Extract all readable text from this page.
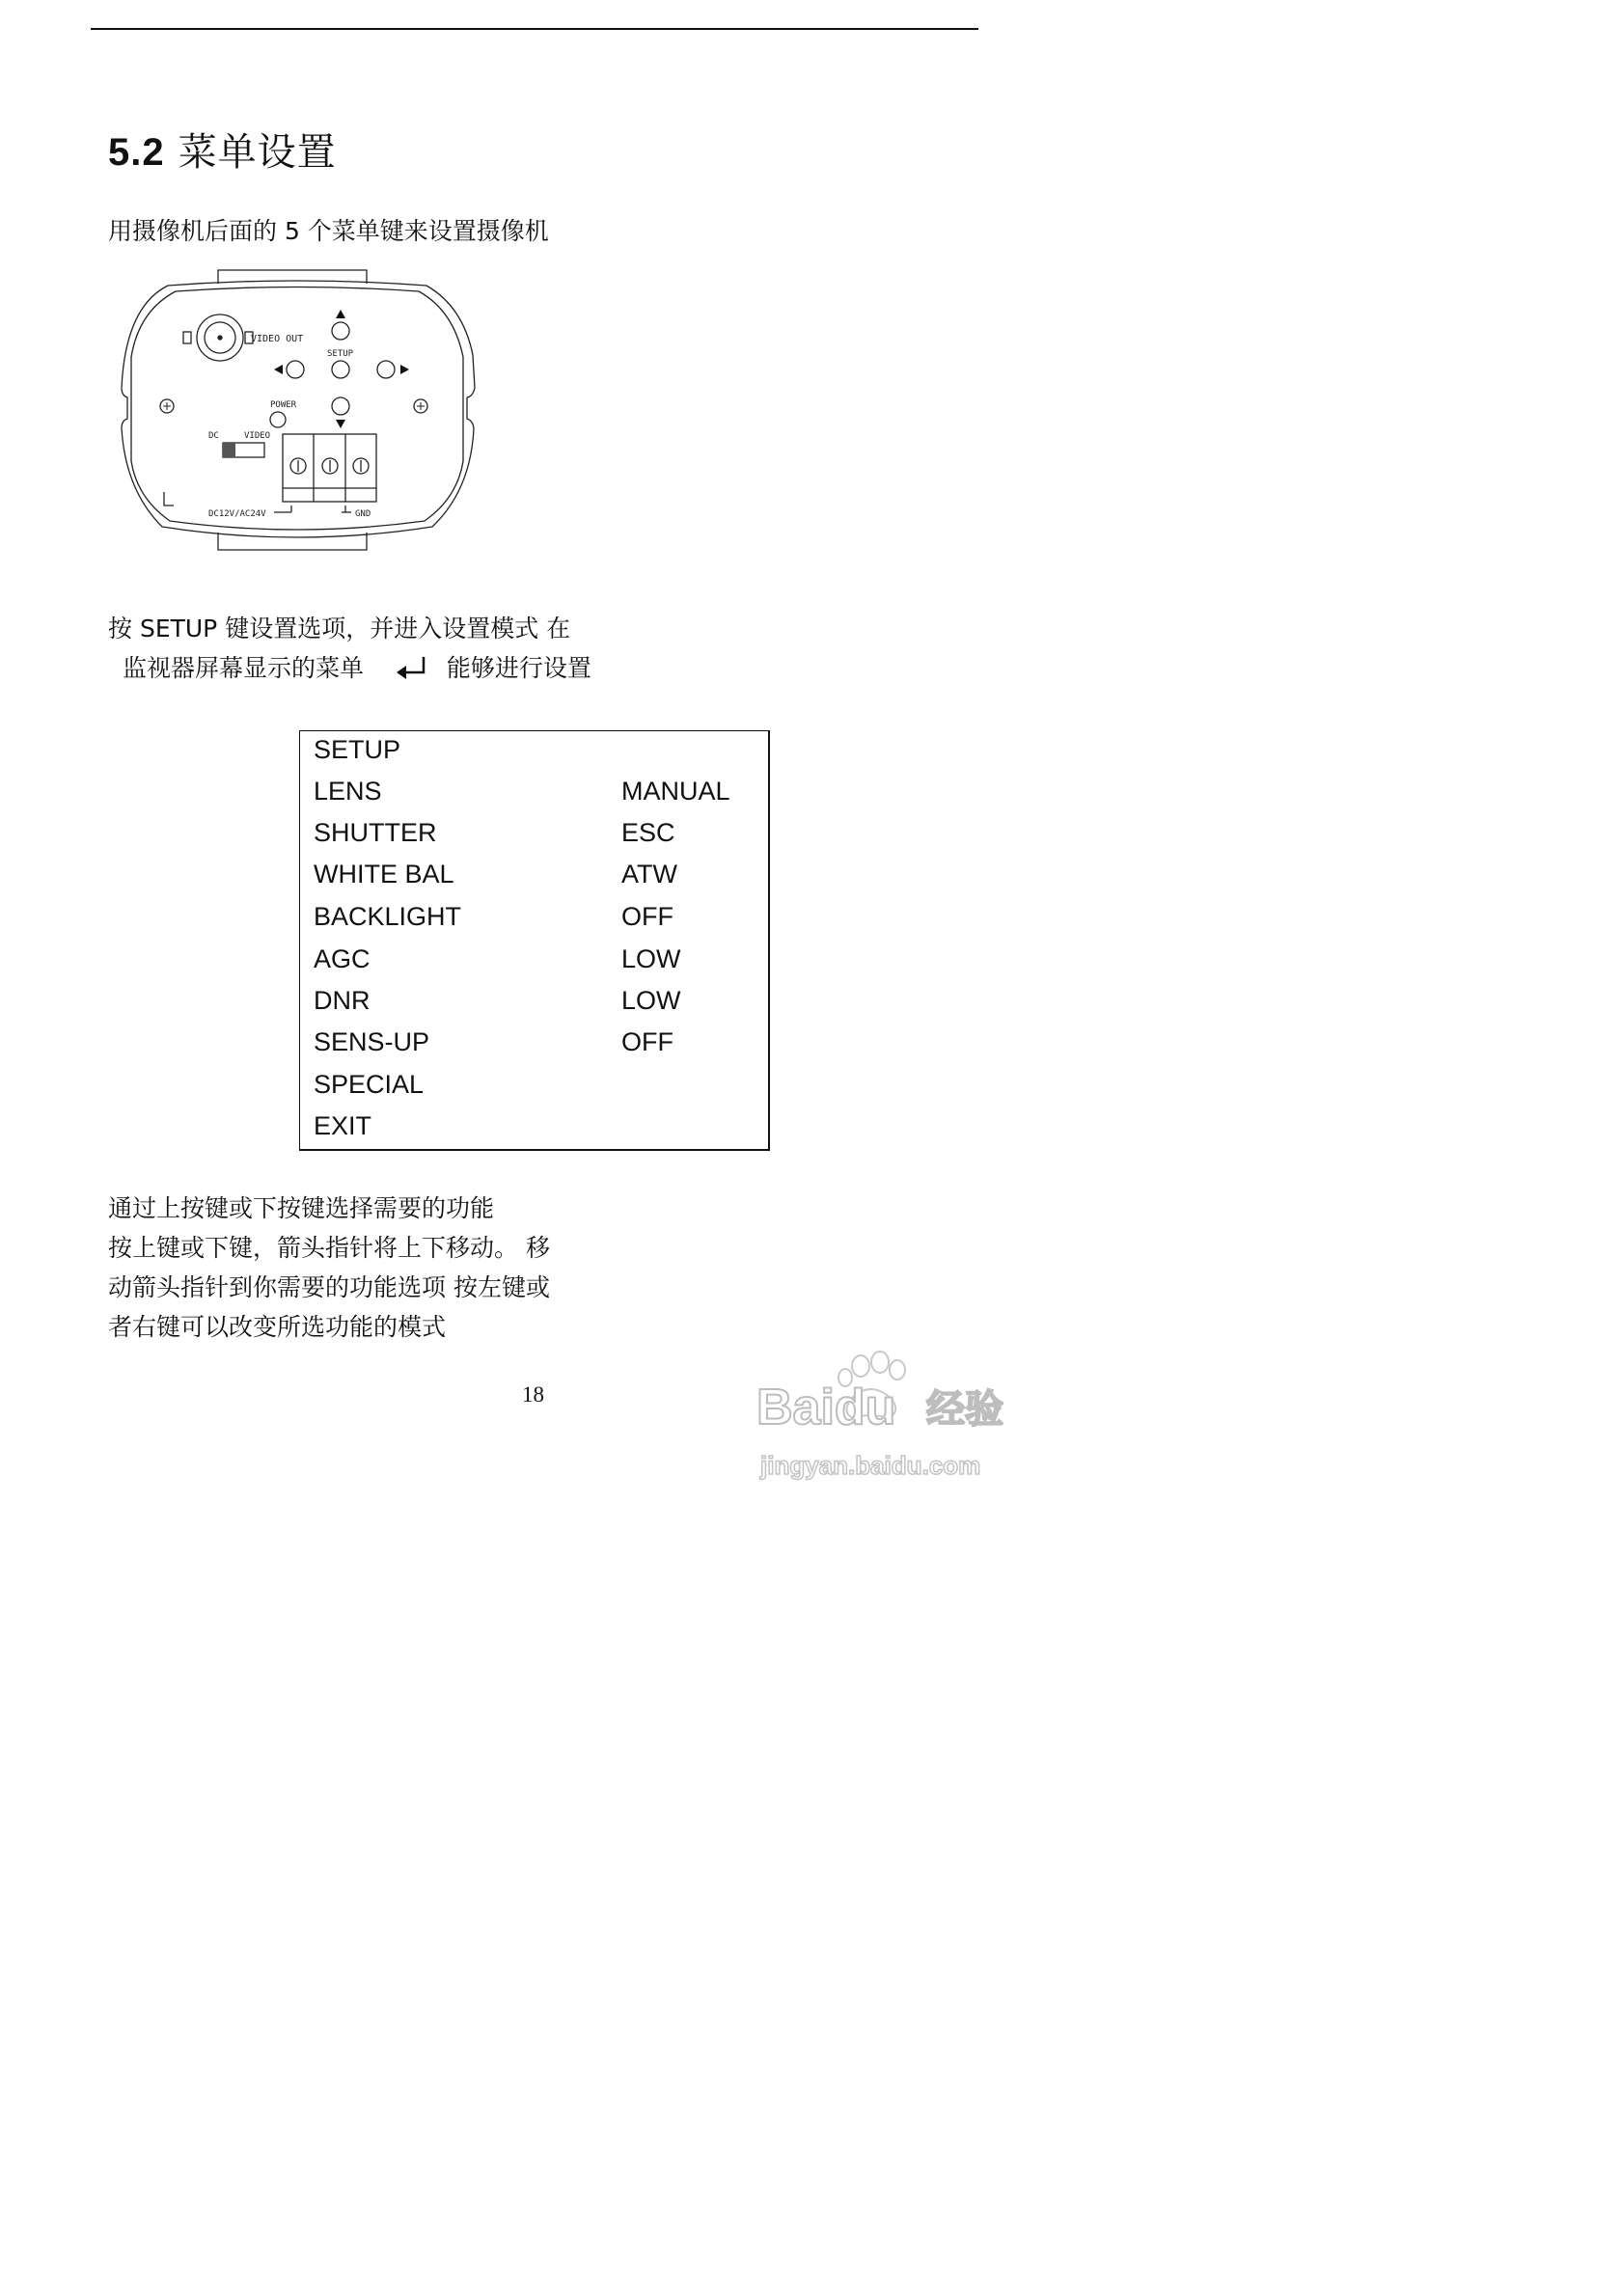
5.2 菜单设置
用摄像机后面的 5 个菜单键来设置摄像机
VIDEO OUT
SETUP
POWER
DC	VIDEO
DC12V/AC24V	GND
按 SETUP 键设置选项，并进入设置模式 在
监视器屏幕显示的菜单	能够进行设置
SETUP
LENS	MANUAL
SHUTTER	ESC
WHITE BAL	ATW
BACKLIGHT	OFF
AGC	LOW
DNR	LOW
SENS-UP	OFF
SPECIAL
EXIT
通过上按键或下按键选择需要的功能
按上键或下键，箭头指针将上下移动。 移
动箭头指针到你需要的功能选项 按左键或
者右键可以改变所选功能的模式
18	Baidu 经验
jingyan.baidu.com
